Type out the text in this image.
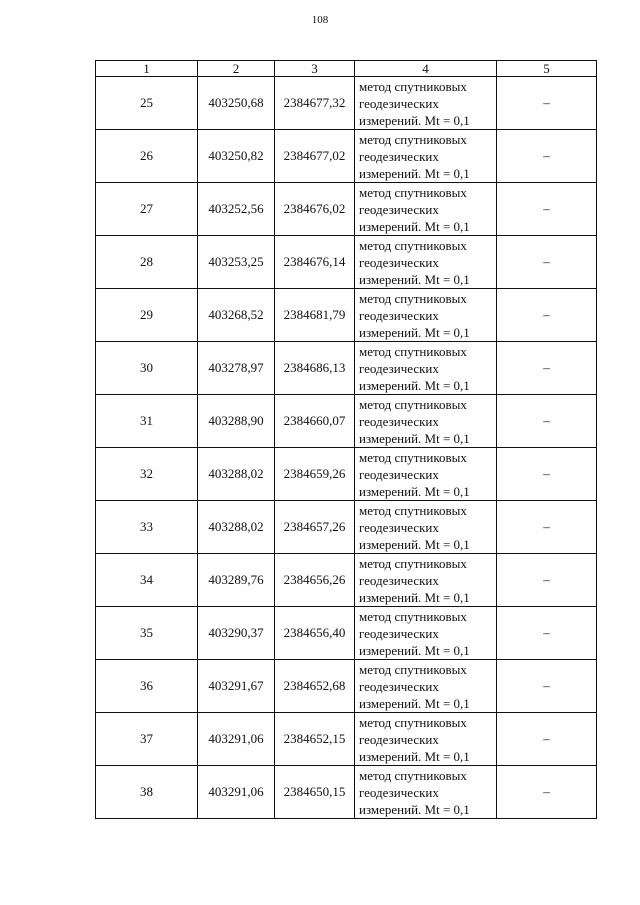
108
1	2	3	4	5
25	403250,68	2384677,32	метод спутниковых
геодезических
измерений. Mt = 0,1	–
26	403250,82	2384677,02	метод спутниковых
геодезических
измерений. Mt = 0,1	–
27	403252,56	2384676,02	метод спутниковых
геодезических
измерений. Mt = 0,1	–
28	403253,25	2384676,14	метод спутниковых
геодезических
измерений. Mt = 0,1	–
29	403268,52	2384681,79	метод спутниковых
геодезических
измерений. Mt = 0,1	–
30	403278,97	2384686,13	метод спутниковых
геодезических
измерений. Mt = 0,1	–
31	403288,90	2384660,07	метод спутниковых
геодезических
измерений. Mt = 0,1	–
32	403288,02	2384659,26	метод спутниковых
геодезических
измерений. Mt = 0,1	–
33	403288,02	2384657,26	метод спутниковых
геодезических
измерений. Mt = 0,1	–
34	403289,76	2384656,26	метод спутниковых
геодезических
измерений. Mt = 0,1	–
35	403290,37	2384656,40	метод спутниковых
геодезических
измерений. Mt = 0,1	–
36	403291,67	2384652,68	метод спутниковых
геодезических
измерений. Mt = 0,1	–
37	403291,06	2384652,15	метод спутниковых
геодезических
измерений. Mt = 0,1	–
38	403291,06	2384650,15	метод спутниковых
геодезических
измерений. Mt = 0,1	–
